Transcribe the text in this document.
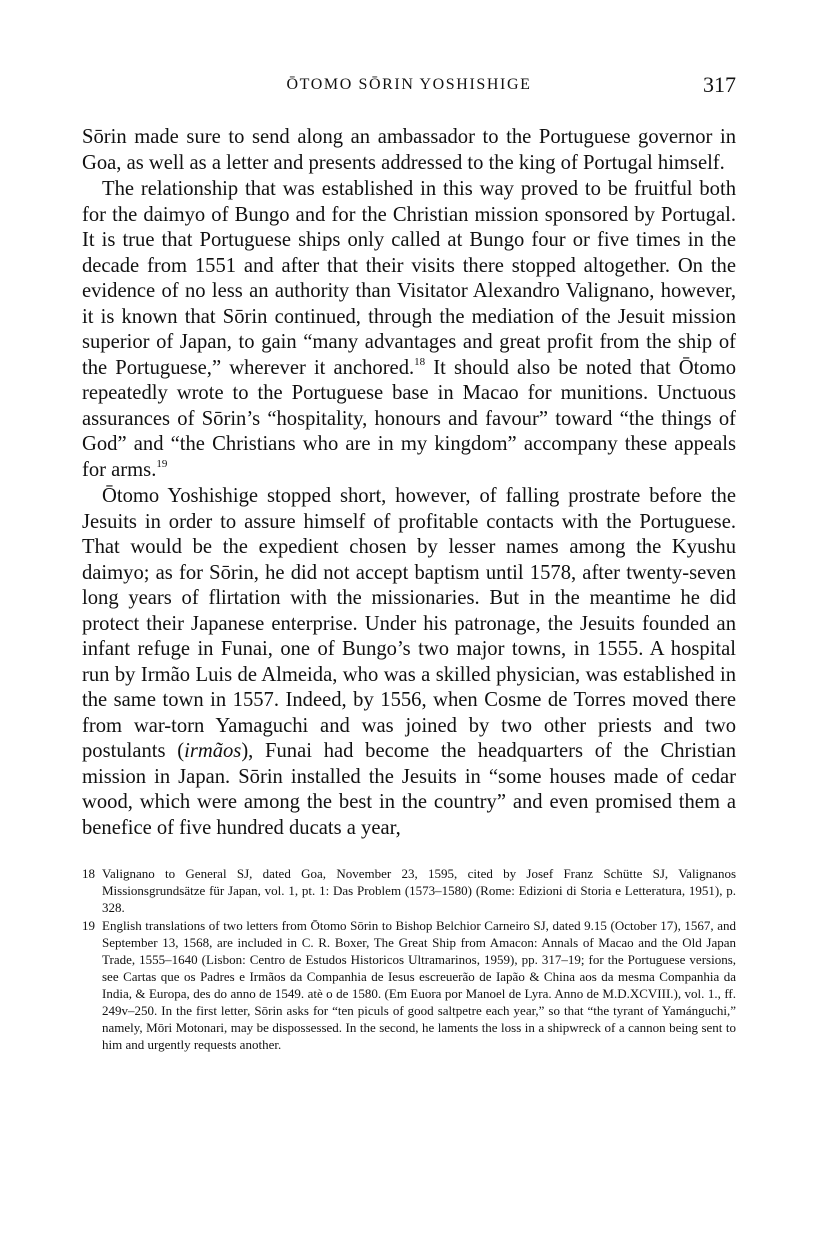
ŌTOMO SŌRIN YOSHISHIGE	317

Sōrin made sure to send along an ambassador to the Portuguese governor in Goa, as well as a letter and presents addressed to the king of Portugal himself.

The relationship that was established in this way proved to be fruitful both for the daimyo of Bungo and for the Christian mission sponsored by Portugal. It is true that Portuguese ships only called at Bungo four or five times in the decade from 1551 and after that their visits there stopped altogether. On the evidence of no less an authority than Visitator Alexandro Valignano, however, it is known that Sōrin continued, through the mediation of the Jesuit mission superior of Japan, to gain “many advantages and great profit from the ship of the Portuguese,” wherever it anchored.$^{18}$ It should also be noted that Ōtomo repeatedly wrote to the Portuguese base in Macao for munitions. Unctuous assurances of Sōrin’s “hospitality, honours and favour” toward “the things of God” and “the Christians who are in my kingdom” accompany these appeals for arms.$^{19}$

Ōtomo Yoshishige stopped short, however, of falling prostrate before the Jesuits in order to assure himself of profitable contacts with the Portuguese. That would be the expedient chosen by lesser names among the Kyushu daimyo; as for Sōrin, he did not accept baptism until 1578, after twenty-seven long years of flirtation with the missionaries. But in the meantime he did protect their Japanese enterprise. Under his patronage, the Jesuits founded an infant refuge in Funai, one of Bungo’s two major towns, in 1555. A hospital run by Irmão Luis de Almeida, who was a skilled physician, was established in the same town in 1557. Indeed, by 1556, when Cosme de Torres moved there from war-torn Yamaguchi and was joined by two other priests and two postulants (irmãos), Funai had become the headquarters of the Christian mission in Japan. Sōrin installed the Jesuits in “some houses made of cedar wood, which were among the best in the country” and even promised them a benefice of five hundred ducats a year,

18 Valignano to General SJ, dated Goa, November 23, 1595, cited by Josef Franz Schütte SJ, Valignanos Missionsgrundsätze für Japan, vol. 1, pt. 1: Das Problem (1573–1580) (Rome: Edizioni di Storia e Letteratura, 1951), p. 328.
19 English translations of two letters from Ōtomo Sōrin to Bishop Belchior Carneiro SJ, dated 9.15 (October 17), 1567, and September 13, 1568, are included in C. R. Boxer, The Great Ship from Amacon: Annals of Macao and the Old Japan Trade, 1555–1640 (Lisbon: Centro de Estudos Historicos Ultramarinos, 1959), pp. 317–19; for the Portuguese versions, see Cartas que os Padres e Irmãos da Companhia de Iesus escreuerão de Iapão & China aos da mesma Companhia da India, & Europa, des do anno de 1549. atè o de 1580. (Em Euora por Manoel de Lyra. Anno de M.D.XCVIII.), vol. 1., ff. 249v–250. In the first letter, Sōrin asks for “ten piculs of good saltpetre each year,” so that “the tyrant of Yamánguchi,” namely, Mōri Motonari, may be dispossessed. In the second, he laments the loss in a shipwreck of a cannon being sent to him and urgently requests another.
